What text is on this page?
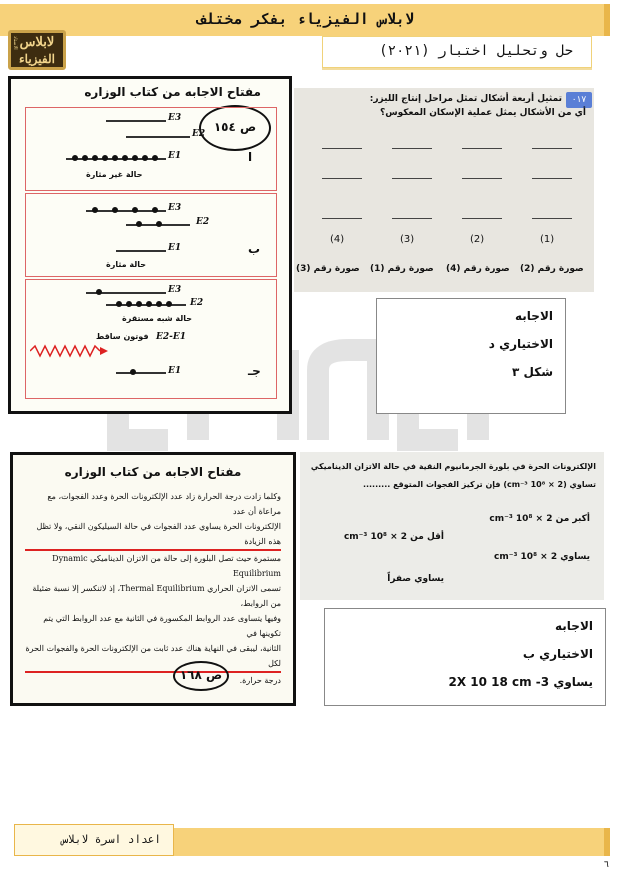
لابلاس الفيزياء بفكر مختلف
الاستاذ لابلاس
الفيزياء	حل وتحليل اختبار (٢٠٢١)
مفتاح الاجابه من كتاب الوزاره
ص ١٥٤
E3
E2
E1
حالة غير مثارة
ا
E3
E2
E1
حالة مثارة
ب
E3
E2
حالة شبه مستقرة
فوتون ساقط E2-E1
E1	جـ
٠١٧
تمثيل أربعة أشكال تمثل مراحل إنتاج الليزر:
أي من الأشكال يمثل عملية الإسكان المعكوس؟
(4)	(3)	(2)	(1)
صورة رقم (3) صورة رقم (1) صورة رقم (4) صورة رقم (2)
الاجابه
الاختياري د
شكل ٣
مفتاح الاجابه من كتاب الوزاره
وكلما زادت درجة الحرارة زاد عدد الإلكترونات الحرة وعدد الفجوات، مع مراعاة أن عدد
الإلكترونات الحرة يساوي عدد الفجوات في حالة السيليكون النقي، ولا تظل هذه الزيادة
مستمرة حيث تصل البلورة إلى حالة من الاتزان الديناميكي Dynamic Equilibrium
تسمى الاتزان الحراري Thermal Equilibrium، إذ لاتنكسر إلا نسبة ضئيلة من الروابط،
وفيها يتساوى عدد الروابط المكسورة في الثانية مع عدد الروابط التي يتم تكوينها في
الثانية، ليبقى في النهاية هناك عدد ثابت من الإلكترونات الحرة والفجوات الحرة لكل
درجة حرارة.
ص ١٦٨
الإلكترونات الحرة في بلورة الجرمانيوم النقية في حالة الاتزان الديناميكي
تساوي (2 × 10⁸ cm⁻³) فإن تركيز الفجوات المتوقع .........
أكبر من 2 × 10⁸ cm⁻³
أقل من 2 × 10⁸ cm⁻³
يساوي 2 × 10⁸ cm⁻³
يساوي صفراً
الاجابه
الاختياري ب
يساوي 2X 10 18 cm -3
اعداد اسرة لابلاس
٦
